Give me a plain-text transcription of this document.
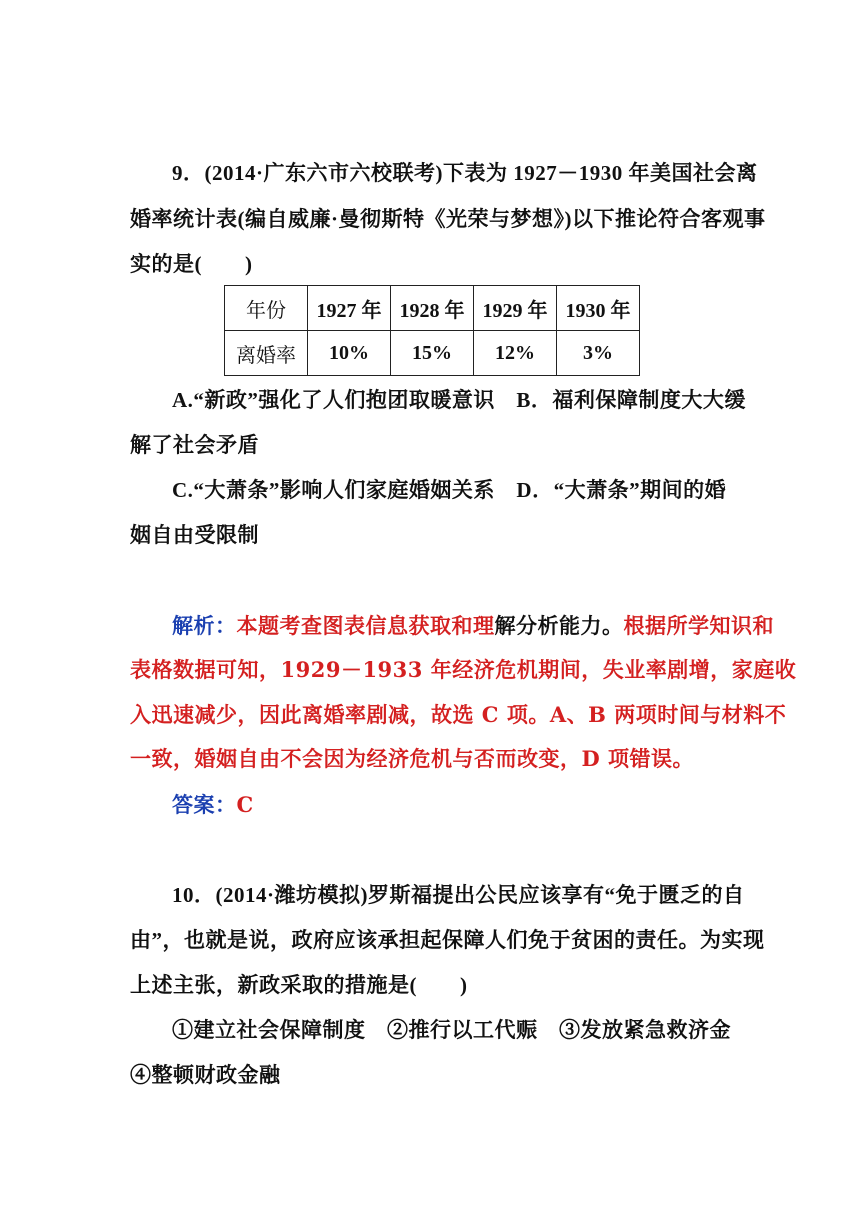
9．(2014·广东六市六校联考)下表为 1927－1930 年美国社会离
婚率统计表(编自威廉·曼彻斯特《光荣与梦想》)以下推论符合客观事
实的是(　　)
年份	1927 年	1928 年	1929 年	1930 年
离婚率	10%	15%	12%	3%
A.“新政”强化了人们抱团取暖意识　B．福利保障制度大大缓
解了社会矛盾
C.“大萧条”影响人们家庭婚姻关系　D．“大萧条”期间的婚
姻自由受限制
解析：本题考查图表信息获取和理解分析能力。根据所学知识和
表格数据可知，1929－1933 年经济危机期间，失业率剧增，家庭收
入迅速减少，因此离婚率剧减，故选 C 项。A、B 两项时间与材料不
一致，婚姻自由不会因为经济危机与否而改变，D 项错误。
答案：C
10．(2014·潍坊模拟)罗斯福提出公民应该享有“免于匮乏的自
由”，也就是说，政府应该承担起保障人们免于贫困的责任。为实现
上述主张，新政采取的措施是(　　)
①建立社会保障制度　②推行以工代赈　③发放紧急救济金
④整顿财政金融
